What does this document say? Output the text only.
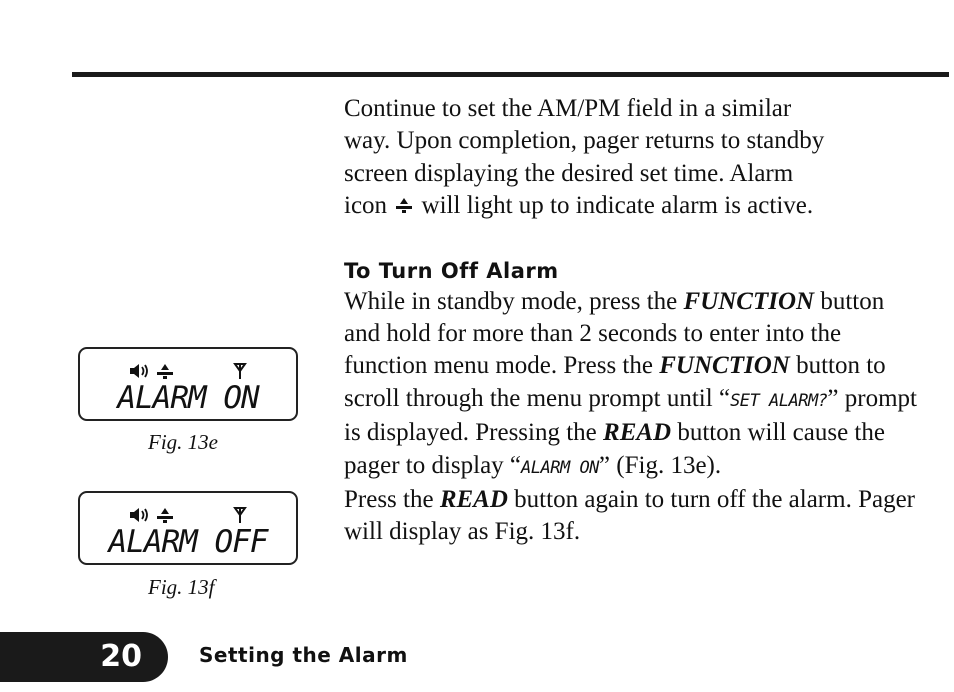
Continue to set the AM/PM field in a similar
way. Upon completion, pager returns to standby
screen displaying the desired set time. Alarm
icon will light up to indicate alarm is active.

To Turn Off Alarm

While in standby mode, press the FUNCTION button and hold for more than 2 seconds to enter into the function menu mode. Press the FUNCTION button to scroll through the menu prompt until “SET ALARM?” prompt is displayed. Pressing the READ button will cause the pager to display “ALARM ON” (Fig. 13e).

Press the READ button again to turn off the alarm. Pager will display as Fig. 13f.

ALARM ON
Fig. 13e
ALARM OFF
Fig. 13f
20	Setting the Alarm
